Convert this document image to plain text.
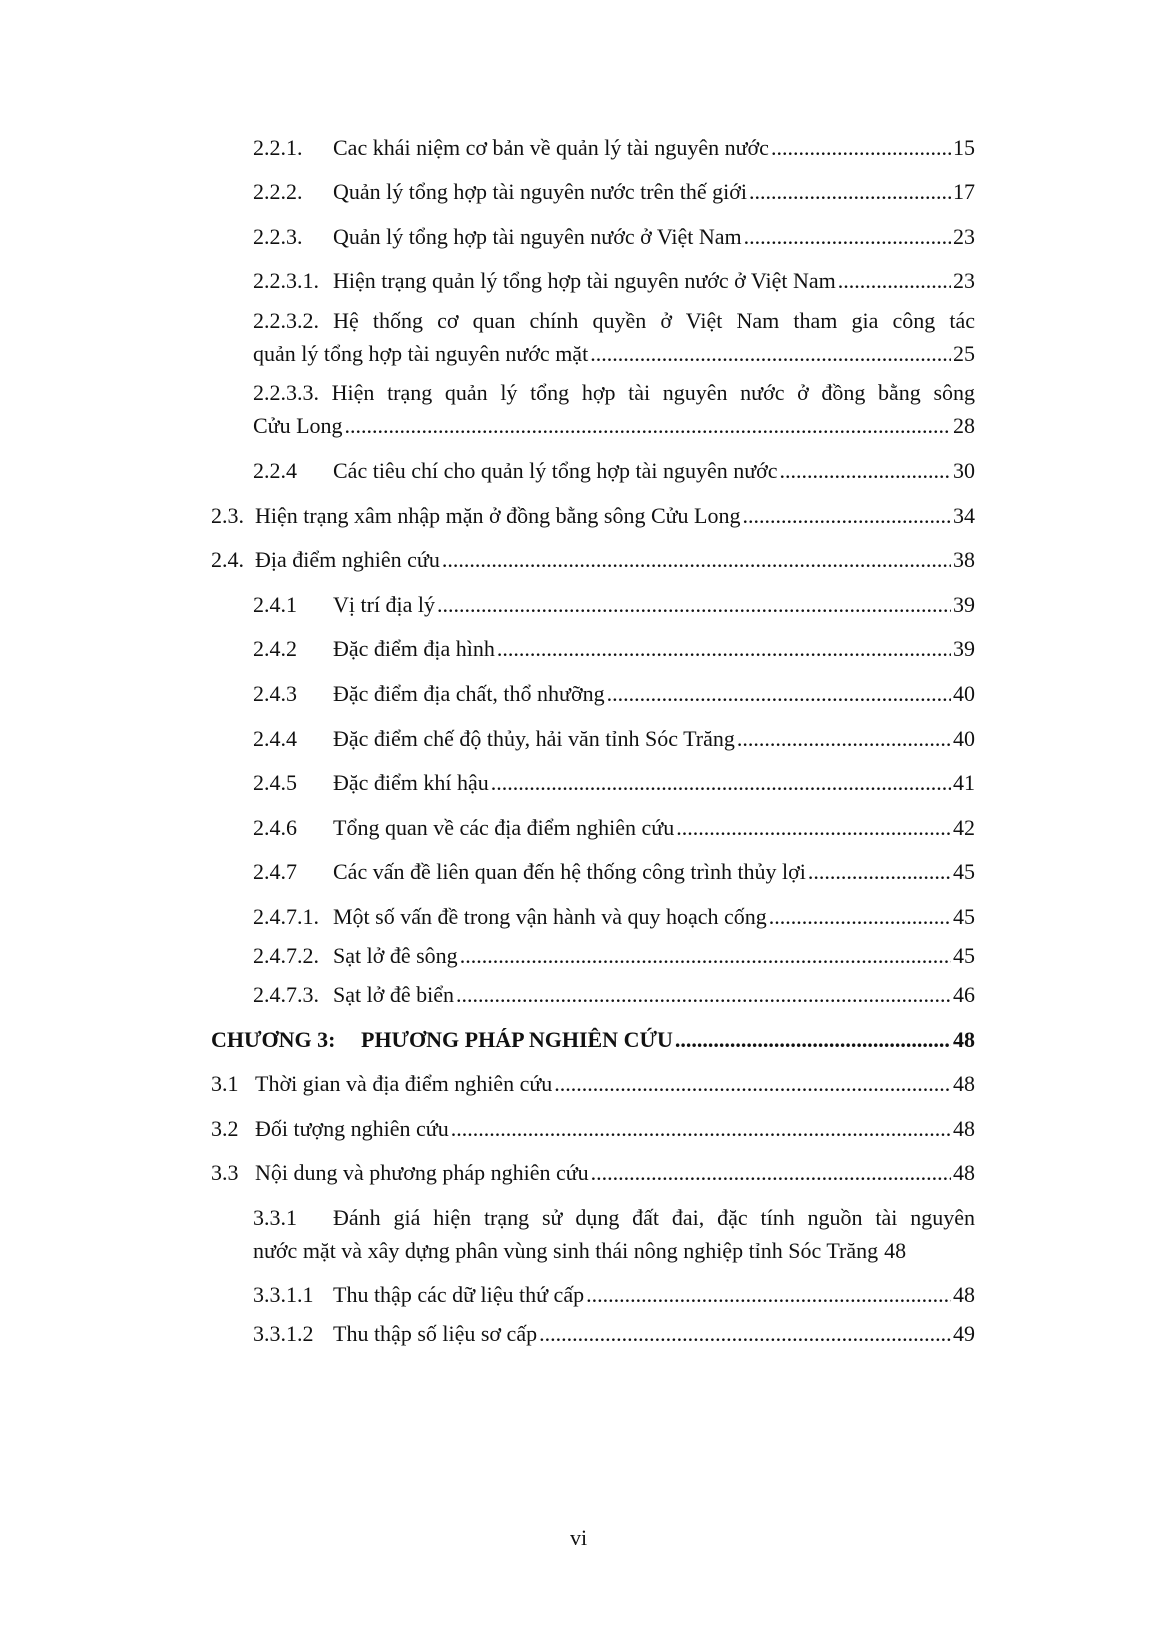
2.2.1.	Cac khái niệm cơ bản về quản lý tài nguyên nước .....	15
2.2.2.	Quản lý tổng hợp tài nguyên nước trên thế giới .....	17
2.2.3.	Quản lý tổng hợp tài nguyên nước ở Việt Nam .....	23
2.2.3.1. Hiện trạng quản lý tổng hợp tài nguyên nước ở Việt Nam .....	23
2.2.3.2. Hệ thống cơ quan chính quyền ở Việt Nam tham gia công tác
quản lý tổng hợp tài nguyên nước mặt .....	25
2.2.3.3. Hiện trạng quản lý tổng hợp tài nguyên nước ở đồng bằng sông
Cửu Long .....	28
2.2.4	Các tiêu chí cho quản lý tổng hợp tài nguyên nước .....	30
2.3. Hiện trạng xâm nhập mặn ở đồng bằng sông Cửu Long .....	34
2.4. Địa điểm nghiên cứu .....	38
2.4.1	Vị trí địa lý .....	39
2.4.2	Đặc điểm địa hình .....	39
2.4.3	Đặc điểm địa chất, thổ nhưỡng .....	40
2.4.4	Đặc điểm chế độ thủy, hải văn tỉnh Sóc Trăng .....	40
2.4.5	Đặc điểm khí hậu .....	41
2.4.6	Tổng quan về các địa điểm nghiên cứu .....	42
2.4.7	Các vấn đề liên quan đến hệ thống công trình thủy lợi .....	45
2.4.7.1. Một số vấn đề trong vận hành và quy hoạch cống .....	45
2.4.7.2. Sạt lở đê sông .....	45
2.4.7.3. Sạt lở đê biển .....	46
CHƯƠNG 3:	PHƯƠNG PHÁP NGHIÊN CỨU .....	48
3.1 Thời gian và địa điểm nghiên cứu .....	48
3.2 Đối tượng nghiên cứu .....	48
3.3 Nội dung và phương pháp nghiên cứu .....	48
3.3.1	Đánh giá hiện trạng sử dụng đất đai, đặc tính nguồn tài nguyên
nước mặt và xây dựng phân vùng sinh thái nông nghiệp tỉnh Sóc Trăng 48
3.3.1.1 Thu thập các dữ liệu thứ cấp .....	48
3.3.1.2 Thu thập số liệu sơ cấp .....	49
vi
